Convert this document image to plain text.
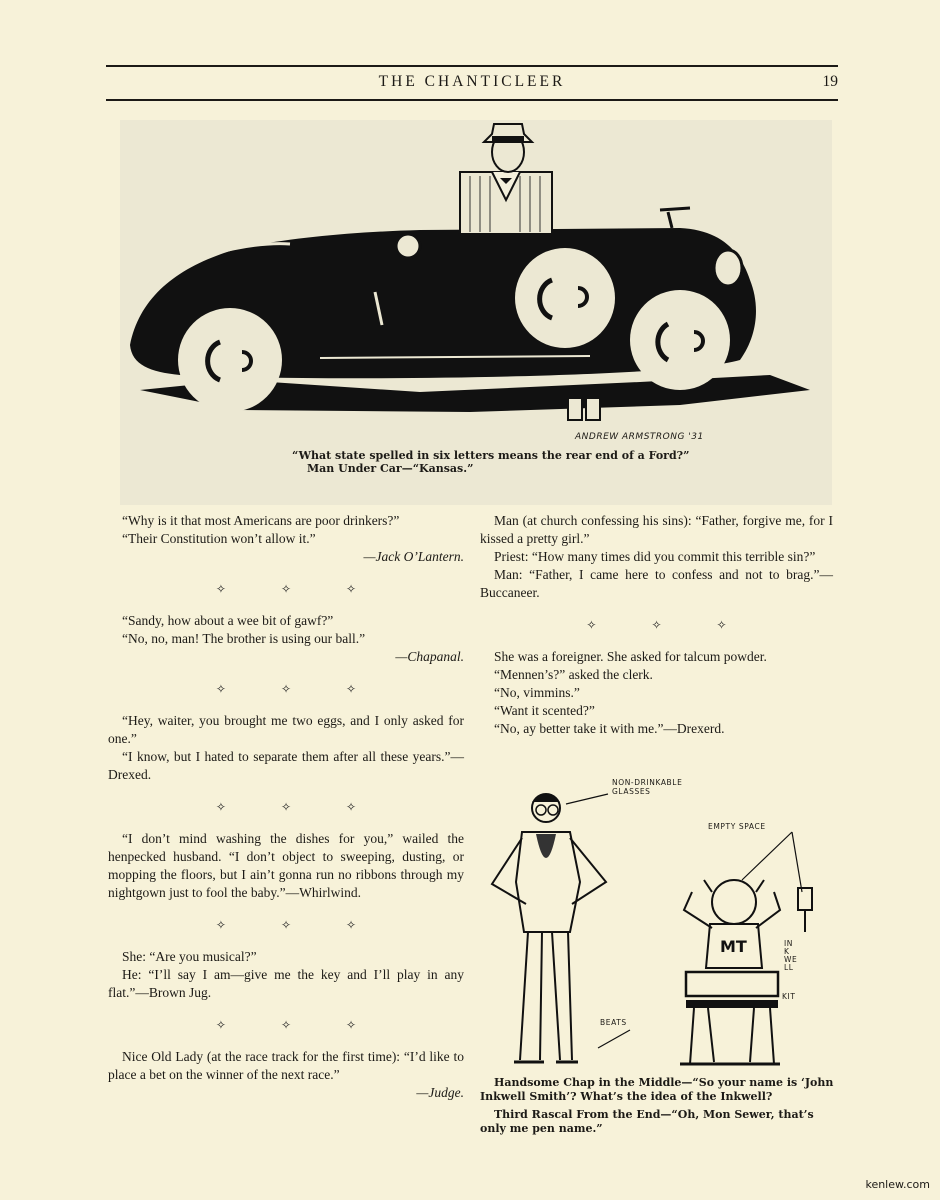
THE CHANTICLEER	19
ANDREW ARMSTRONG '31
“What state spelled in six letters means the rear end of a Ford?”
Man Under Car—“Kansas.”

“Why is it that most Americans are poor drinkers?”

“Their Constitution won’t allow it.”

—Jack O’Lantern.

✧ ✧ ✧

“Sandy, how about a wee bit of gawf?”

“No, no, man! The brother is using our ball.”

—Chapanal.

✧ ✧ ✧

“Hey, waiter, you brought me two eggs, and I only asked for one.”

“I know, but I hated to separate them after all these years.”—Drexed.

✧ ✧ ✧

“I don’t mind washing the dishes for you,” wailed the henpecked husband. “I don’t object to sweeping, dusting, or mopping the floors, but I ain’t gonna run no ribbons through my nightgown just to fool the baby.”—Whirlwind.

✧ ✧ ✧

She: “Are you musical?”

He: “I’ll say I am—give me the key and I’ll play in any flat.”—Brown Jug.

✧ ✧ ✧

Nice Old Lady (at the race track for the first time): “I’d like to place a bet on the winner of the next race.”

—Judge.

Man (at church confessing his sins): “Father, forgive me, for I kissed a pretty girl.”

Priest: “How many times did you commit this terrible sin?”

Man: “Father, I came here to confess and not to brag.”—Buccaneer.

✧ ✧ ✧

She was a foreigner. She asked for talcum powder.

“Mennen’s?” asked the clerk.

“No, vimmins.”

“Want it scented?”

“No, ay better take it with me.”—Drexerd.

MT
NON-DRINKABLE GLASSES
EMPTY SPACE
BEATS
INK WELL
KIT

Handsome Chap in the Middle—“So your name is ‘John Inkwell Smith’? What’s the idea of the Inkwell?

Third Rascal From the End—“Oh, Mon Sewer, that’s only me pen name.”

kenlew.com
